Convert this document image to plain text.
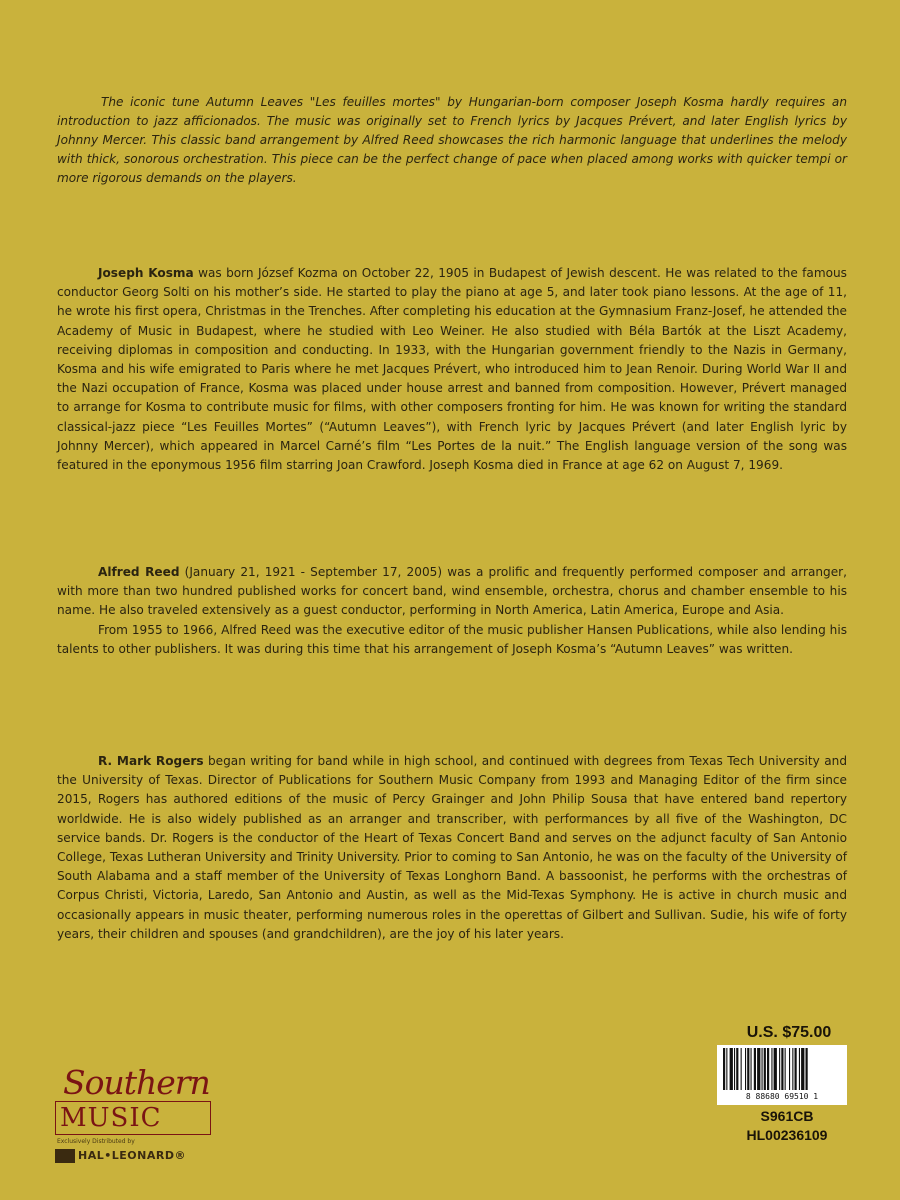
The iconic tune Autumn Leaves "Les feuilles mortes" by Hungarian-born composer Joseph Kosma hardly requires an introduction to jazz afficionados. The music was originally set to French lyrics by Jacques Prévert, and later English lyrics by Johnny Mercer. This classic band arrangement by Alfred Reed showcases the rich harmonic language that underlines the melody with thick, sonorous orchestration. This piece can be the perfect change of pace when placed among works with quicker tempi or more rigorous demands on the players.

Joseph Kosma was born József Kozma on October 22, 1905 in Budapest of Jewish descent. He was related to the famous conductor Georg Solti on his mother’s side. He started to play the piano at age 5, and later took piano lessons. At the age of 11, he wrote his first opera, Christmas in the Trenches. After completing his education at the Gymnasium Franz-Josef, he attended the Academy of Music in Budapest, where he studied with Leo Weiner. He also studied with Béla Bartók at the Liszt Academy, receiving diplomas in composition and conducting. In 1933, with the Hungarian government friendly to the Nazis in Germany, Kosma and his wife emigrated to Paris where he met Jacques Prévert, who introduced him to Jean Renoir. During World War II and the Nazi occupation of France, Kosma was placed under house arrest and banned from composition. However, Prévert managed to arrange for Kosma to contribute music for films, with other composers fronting for him. He was known for writing the standard classical-jazz piece “Les Feuilles Mortes” (“Autumn Leaves”), with French lyric by Jacques Prévert (and later English lyric by Johnny Mercer), which appeared in Marcel Carné’s film “Les Portes de la nuit.” The English language version of the song was featured in the eponymous 1956 film starring Joan Crawford. Joseph Kosma died in France at age 62 on August 7, 1969.

Alfred Reed (January 21, 1921 - September 17, 2005) was a prolific and frequently performed composer and arranger, with more than two hundred published works for concert band, wind ensemble, orchestra, chorus and chamber ensemble to his name. He also traveled extensively as a guest conductor, performing in North America, Latin America, Europe and Asia.

From 1955 to 1966, Alfred Reed was the executive editor of the music publisher Hansen Publications, while also lending his talents to other publishers. It was during this time that his arrangement of Joseph Kosma’s “Autumn Leaves” was written.

R. Mark Rogers began writing for band while in high school, and continued with degrees from Texas Tech University and the University of Texas. Director of Publications for Southern Music Company from 1993 and Managing Editor of the firm since 2015, Rogers has authored editions of the music of Percy Grainger and John Philip Sousa that have entered band repertory worldwide. He is also widely published as an arranger and transcriber, with performances by all five of the Washington, DC service bands. Dr. Rogers is the conductor of the Heart of Texas Concert Band and serves on the adjunct faculty of San Antonio College, Texas Lutheran University and Trinity University. Prior to coming to San Antonio, he was on the faculty of the University of South Alabama and a staff member of the University of Texas Longhorn Band. A bassoonist, he performs with the orchestras of Corpus Christi, Victoria, Laredo, San Antonio and Austin, as well as the Mid-Texas Symphony. He is active in church music and occasionally appears in music theater, performing numerous roles in the operettas of Gilbert and Sullivan. Sudie, his wife of forty years, their children and spouses (and grandchildren), are the joy of his later years.

Southern
MUSIC
Exclusively Distributed by
HAL•LEONARD®
U.S. $75.00
8 88680 69510 1
S961CB
HL00236109
